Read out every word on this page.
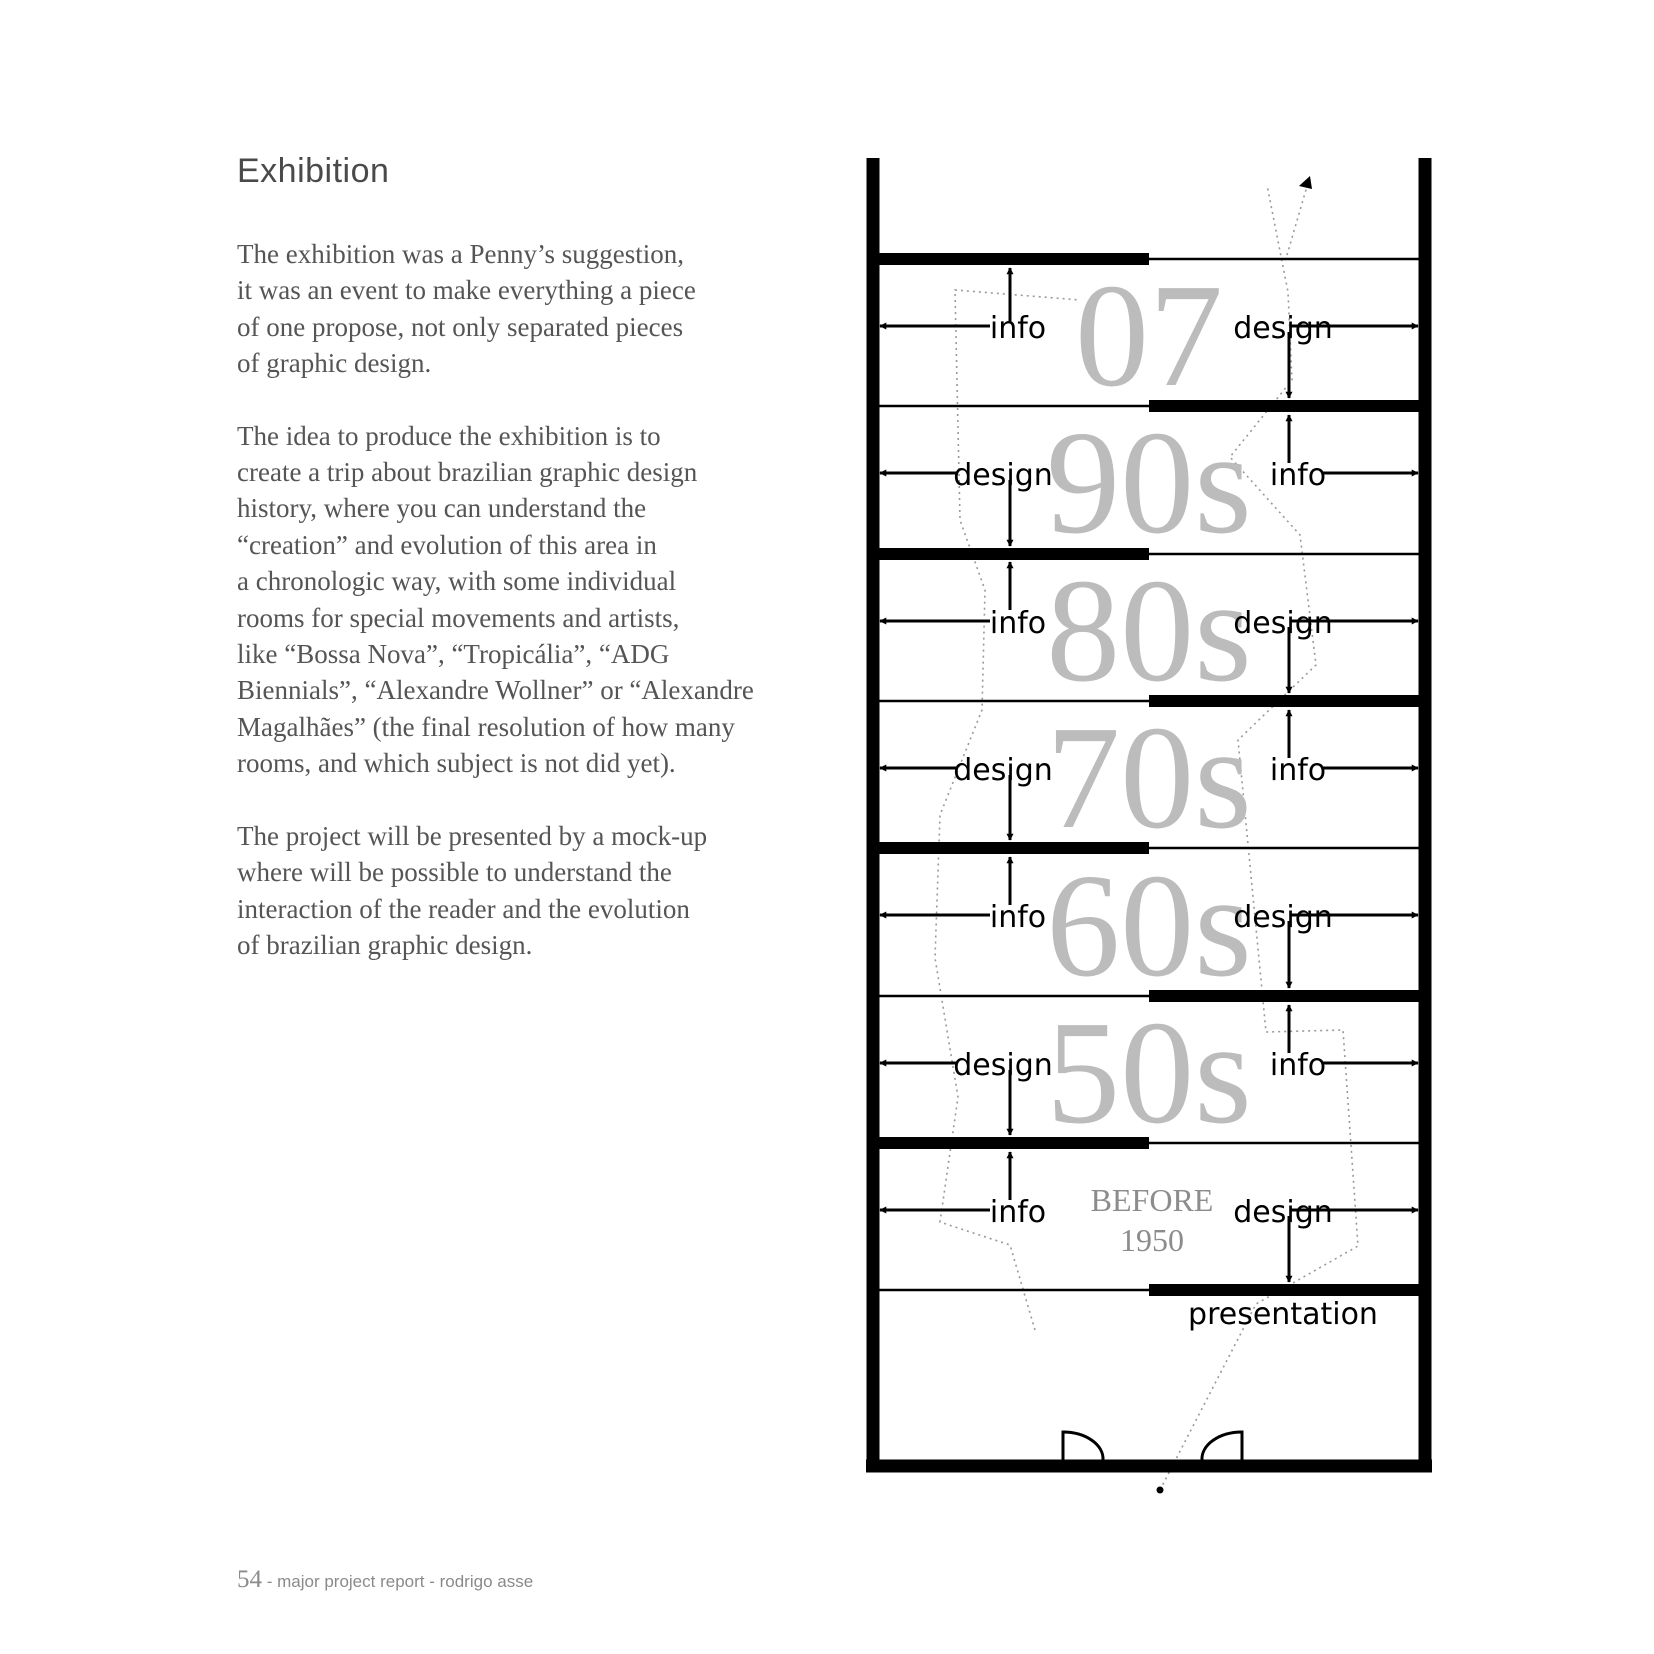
Exhibition

The exhibition was a Penny’s suggestion,
it was an event to make everything a piece
of one propose, not only separated pieces
of graphic design.

The idea to produce the exhibition is to
create a trip about brazilian graphic design
history, where you can understand the
“creation” and evolution of this area in
a chronologic way, with some individual
rooms for special movements and artists,
like “Bossa Nova”, “Tropicália”, “ADG
Biennials”, “Alexandre Wollner” or “Alexandre
Magalhães” (the final resolution of how many
rooms, and which subject is not did yet).

The project will be presented by a mock-up
where will be possible to understand the
interaction of the reader and the evolution
of brazilian graphic design.

07
90s
80s
70s
60s
50s
BEFORE
1950
info	design
design	info
info	design
design	info
info	design
design	info
info	design
presentation
54 - major project report - rodrigo asse
